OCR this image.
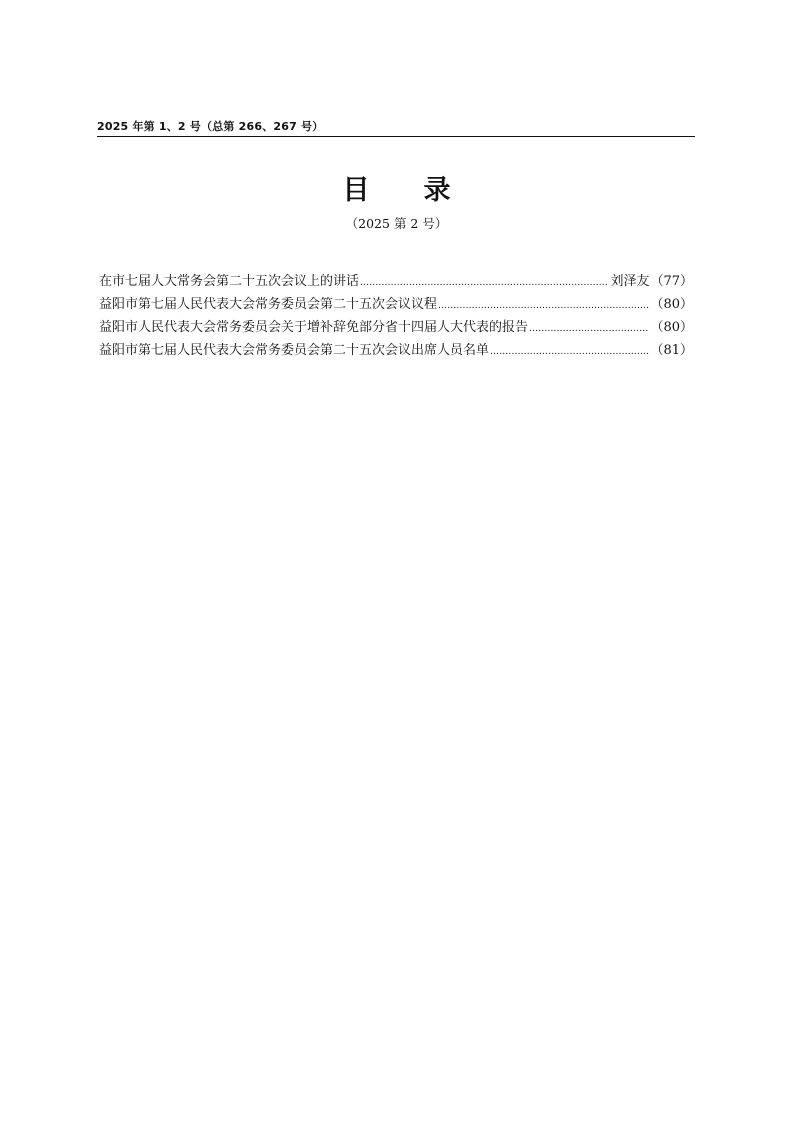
2025 年第 1、2 号（总第 266、267 号）
目 录
（2025 第 2 号）
在市七届人大常务会第二十五次会议上的讲话 .....	刘泽友 （77）
益阳市第七届人民代表大会常务委员会第二十五次会议议程 .....	（80）
益阳市人民代表大会常务委员会关于增补辞免部分省十四届人大代表的报告 .....	（80）
益阳市第七届人民代表大会常务委员会第二十五次会议出席人员名单 .....	（81）
